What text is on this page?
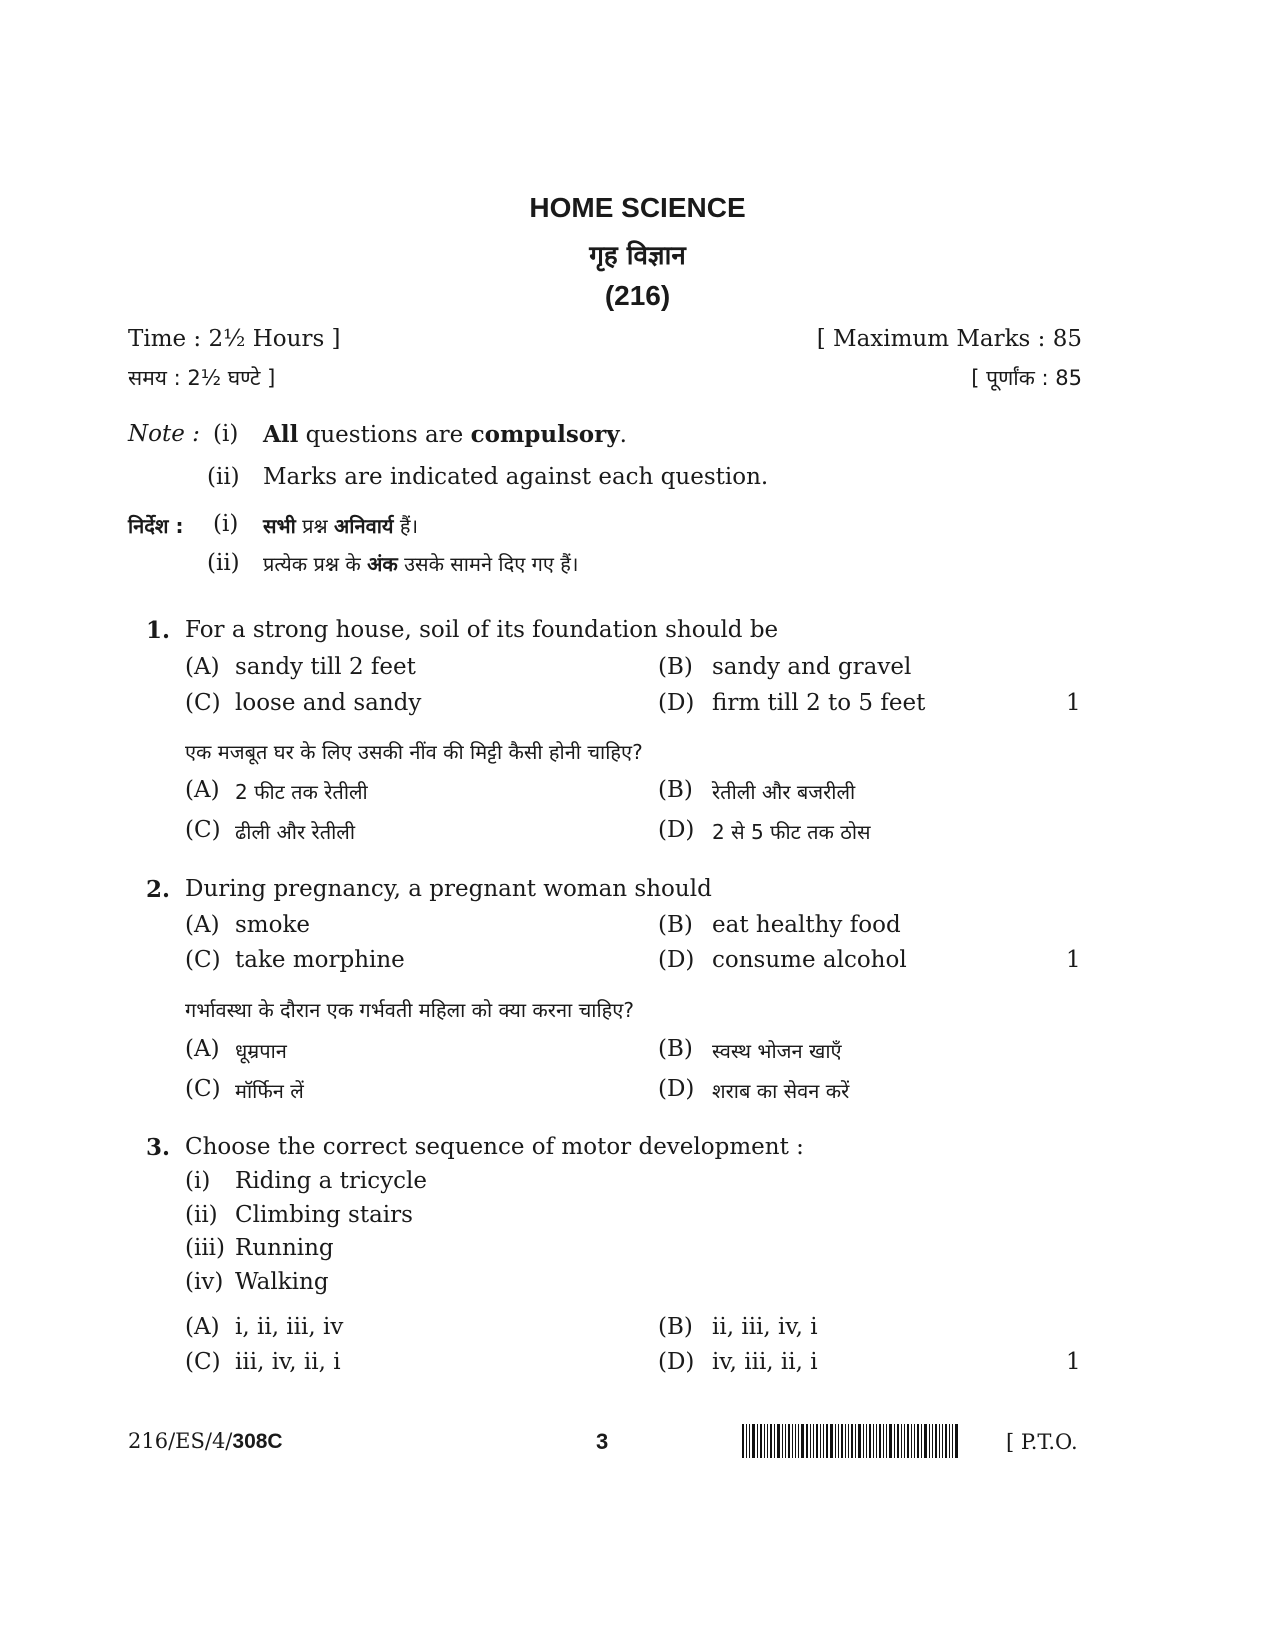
HOME SCIENCE
गृह विज्ञान
(216)
Time : 2½ Hours ]
समय : 2½ घण्टे ]
[ Maximum Marks : 85
[ पूर्णांक : 85
Note : (i) All questions are compulsory.
(ii) Marks are indicated against each question.
निर्देश : (i) सभी प्रश्न अनिवार्य हैं।
(ii) प्रत्येक प्रश्न के अंक उसके सामने दिए गए हैं।
1. For a strong house, soil of its foundation should be
(A) sandy till 2 feet	(B) sandy and gravel
(C) loose and sandy	(D) firm till 2 to 5 feet	1
एक मजबूत घर के लिए उसकी नींव की मिट्टी कैसी होनी चाहिए?
(A) 2 फीट तक रेतीली	(B) रेतीली और बजरीली
(C) ढीली और रेतीली	(D) 2 से 5 फीट तक ठोस
2. During pregnancy, a pregnant woman should
(A) smoke	(B) eat healthy food
(C) take morphine	(D) consume alcohol	1
गर्भावस्था के दौरान एक गर्भवती महिला को क्या करना चाहिए?
(A) धूम्रपान	(B) स्वस्थ भोजन खाएँ
(C) मॉर्फिन लें	(D) शराब का सेवन करें
3. Choose the correct sequence of motor development :
(i) Riding a tricycle
(ii) Climbing stairs
(iii) Running
(iv) Walking
(A) i, ii, iii, iv	(B) ii, iii, iv, i
(C) iii, iv, ii, i	(D) iv, iii, ii, i	1
216/ES/4/308C	3	[ P.T.O.
